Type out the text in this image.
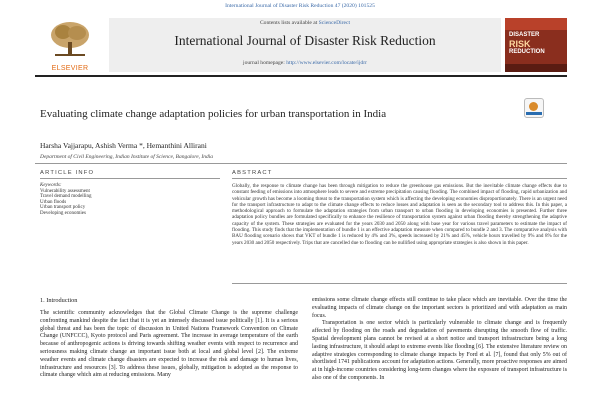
International Journal of Disaster Risk Reduction 47 (2020) 101525
ELSEVIER
Contents lists available at ScienceDirect
International Journal of Disaster Risk Reduction
journal homepage: http://www.elsevier.com/locate/ijdrr
DISASTER
RISK
REDUCTION
Evaluating climate change adaptation policies for urban transportation in India
Harsha Vajjarapu, Ashish Verma *, Hemanthini Allirani
Department of Civil Engineering, Indian Institute of Science, Bangalore, India
ARTICLE INFO	ABSTRACT
Keywords:
Vulnerability assessment
Travel demand modelling
Urban floods
Urban transport policy
Developing economies
Globally, the response to climate change has been through mitigation to reduce the greenhouse gas emissions. But the inevitable climate change effects due to constant feeding of emissions into atmosphere leads to severe and extreme precipitation causing flooding. The combined impact of flooding, rapid urbanization and vehicular growth has become a looming threat to the transportation system which is affecting the developing economies disproportionately. There is an urgent need for the transport infrastructure to adapt to the climate change effects to reduce losses and adaptation is seen as the secondary tool to address this. In this paper, a methodological approach to formulate the adaptation strategies from urban transport to urban flooding in developing economies is presented. Further three adaptation policy bundles are formulated specifically to enhance the resilience of transportation system against urban flooding thereby strengthening the adaptive capacity of the system. These strategies are evaluated for the years 2030 and 2050 along with base year for various travel parameters to estimate the impact of flooding. This study finds that the implementation of bundle 1 is an effective adaptation measure when compared to bundle 2 and 3. The comparative analysis with BAU flooding scenario shows that VKT of bundle 1 is reduced by 4% and 3%, speeds increased by 21% and 45%, vehicle hours travelled by 9% and 8% for the years 2030 and 2050 respectively. Trips that are cancelled due to flooding can be nullified using appropriate strategies is also shown in this paper.
1. Introduction
The scientific community acknowledges that the Global Climate Change is the supreme challenge confronting mankind despite the fact that it is yet an intensely discussed issue politically [1]. It is a serious global threat and has been the topic of discussion in United Nations Framework Convention on Climate Change (UNFCCC), Kyoto protocol and Paris agreement. The increase in average temperature of the earth because of anthropogenic actions is driving towards shifting weather events with respect to recurrence and seriousness making climate change an important issue both at local and global level [2]. The extreme weather events and climate change disasters are expected to increase the risk and damage to human lives, infrastructure and resources [3]. To address these issues, globally, mitigation is adopted as the response to climate change which aim at reducing emissions. Many
emissions some climate change effects still continue to take place which are inevitable. Over the time the evaluating impacts of climate change on the important sectors is prioritized and with adaptation as main focus.
Transportation is one sector which is particularly vulnerable to climate change and is frequently affected by flooding on the roads and degradation of pavements disrupting the smooth flow of traffic. Spatial development plans cannot be revised at a short notice and transport infrastructure being a long lasting infrastructure, it should adapt to extreme events like flooding [6]. The extensive literature review on adaptive strategies corresponding to climate change impacts by Ford et al. [7], found that only 5% out of shortlisted 1741 publications account for adaptation actions. Generally, more proactive responses are aimed at in high-income countries considering long-term changes where the exposure of transport infrastructure is also one of the components. In
